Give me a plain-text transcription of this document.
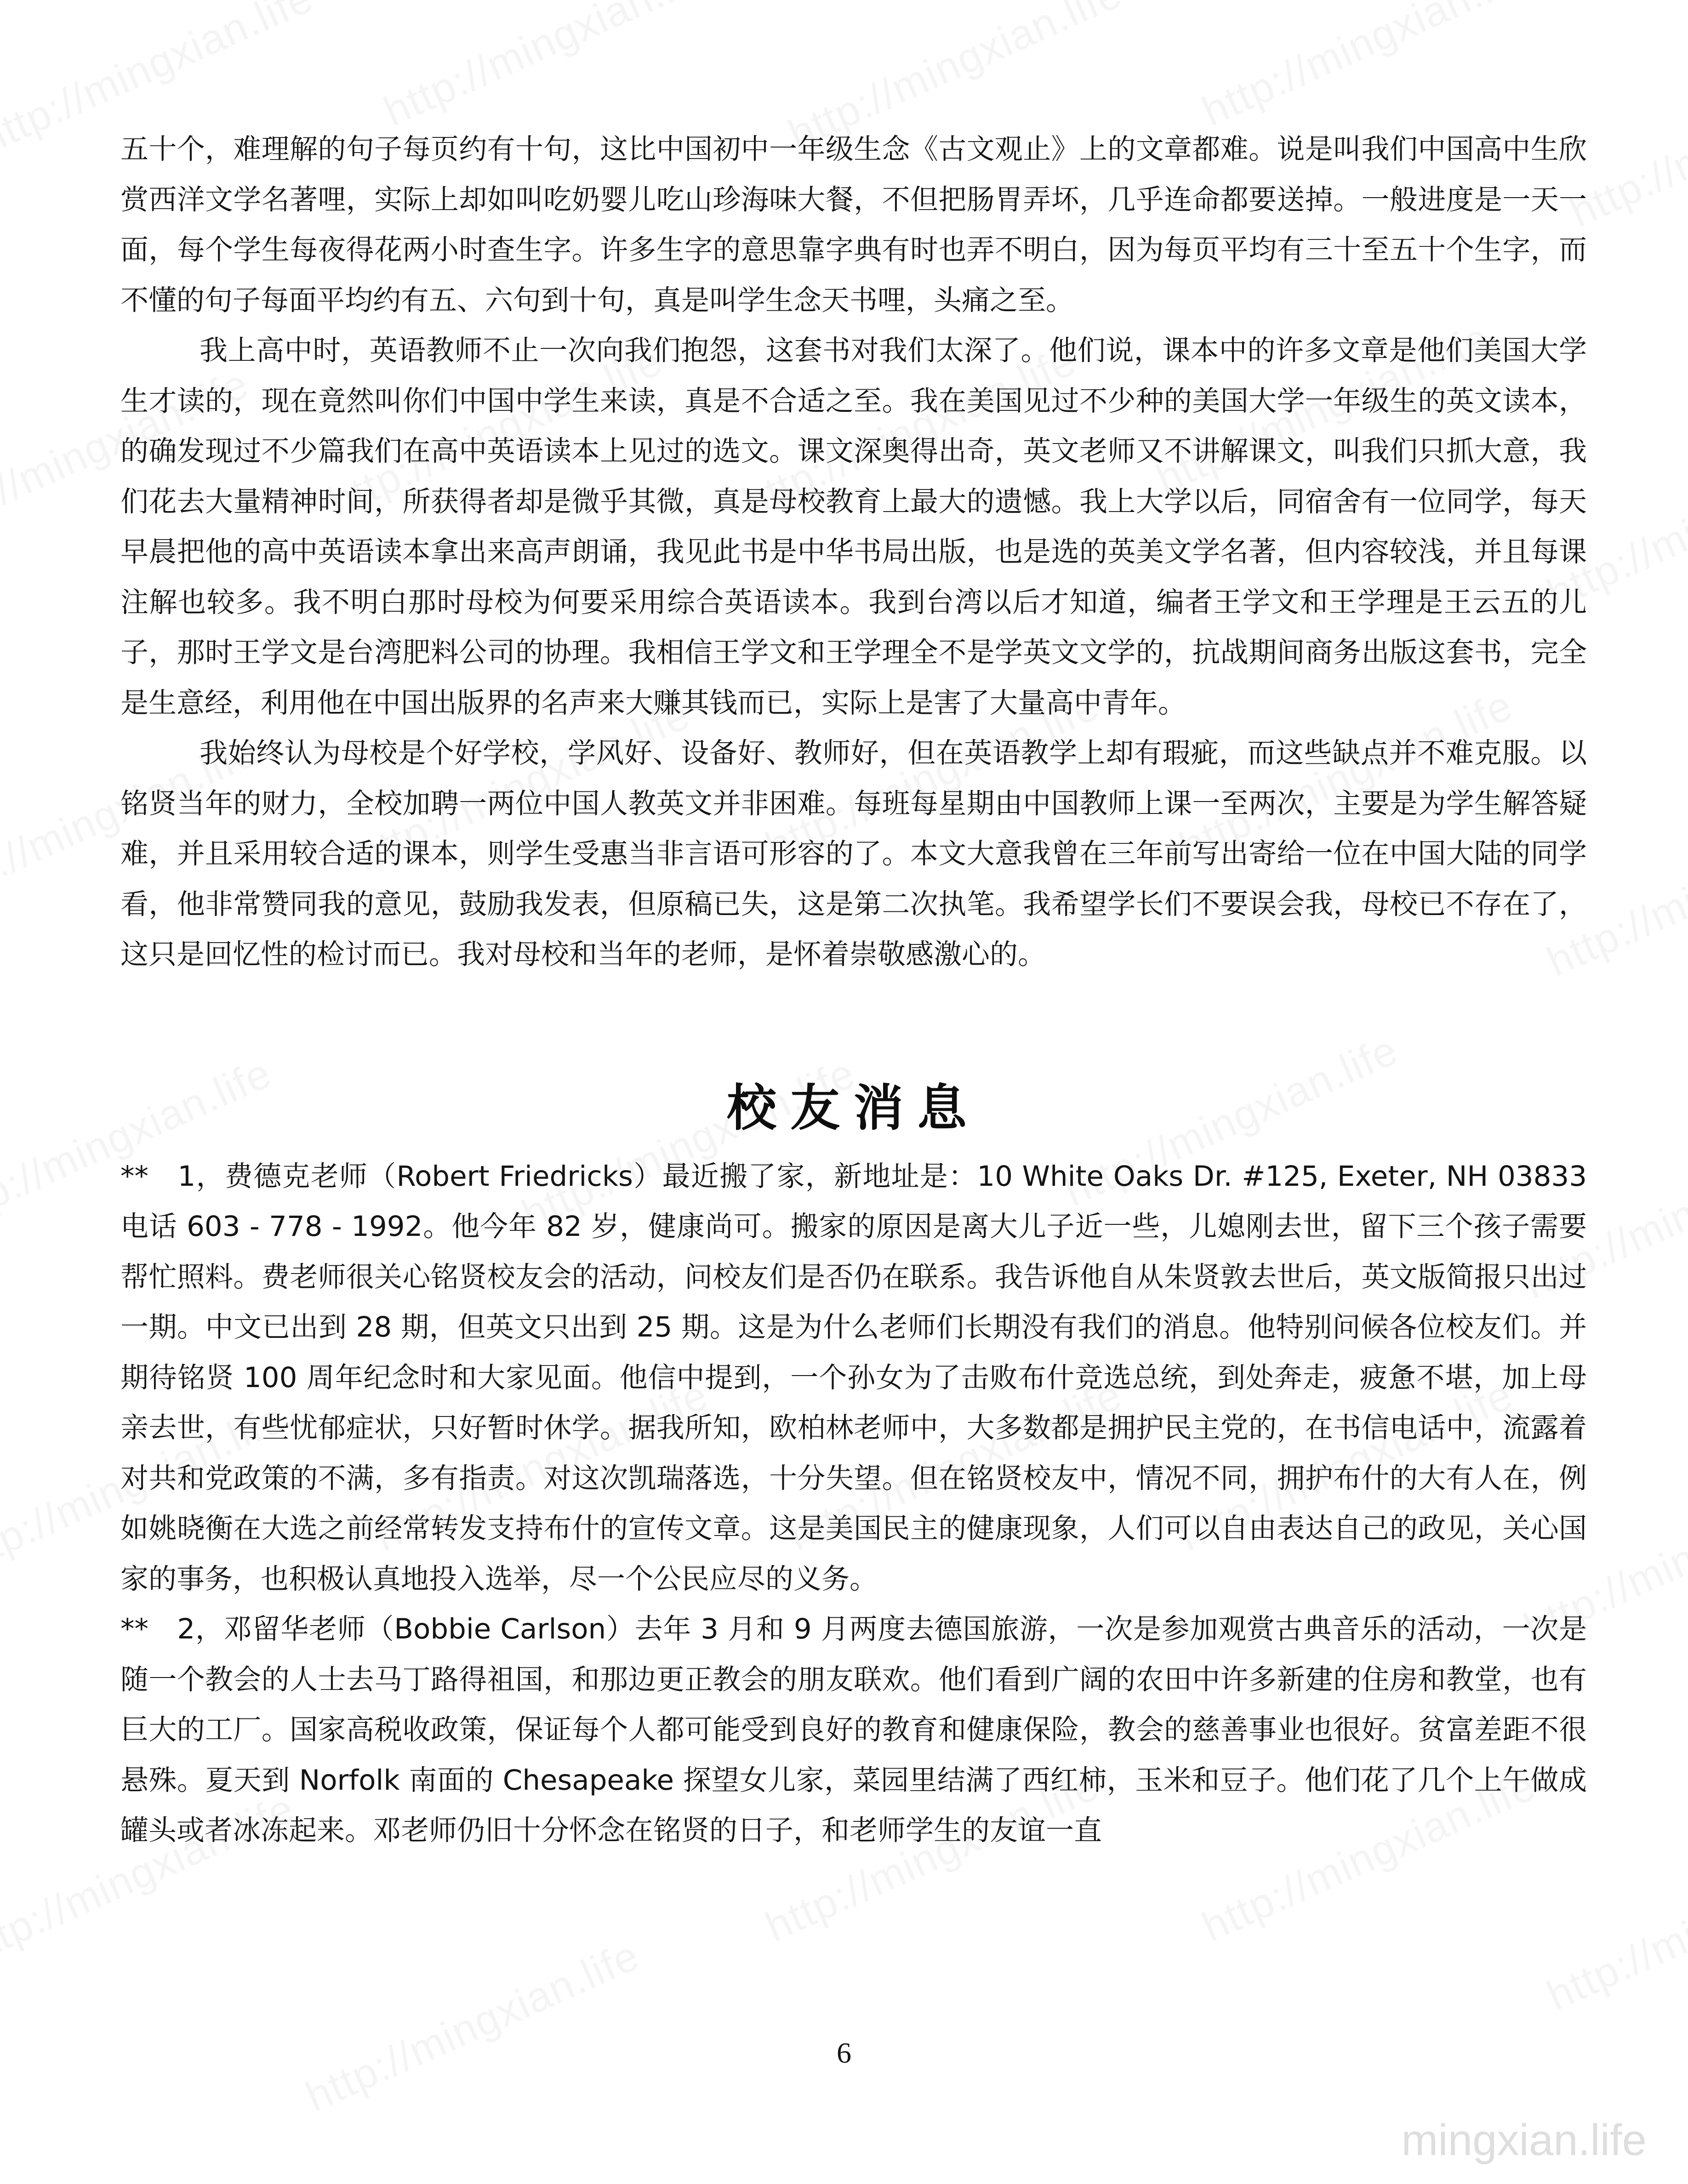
mingxian.life

五十个，难理解的句子每页约有十句，这比中国初中一年级生念《古文观止》上的文章都难。说是叫我们中国高中生欣赏西洋文学名著哩，实际上却如叫吃奶婴儿吃山珍海味大餐，不但把肠胃弄坏，几乎连命都要送掉。一般进度是一天一面，每个学生每夜得花两小时查生字。许多生字的意思靠字典有时也弄不明白，因为每页平均有三十至五十个生字，而不懂的句子每面平均约有五、六句到十句，真是叫学生念天书哩，头痛之至。

我上高中时，英语教师不止一次向我们抱怨，这套书对我们太深了。他们说，课本中的许多文章是他们美国大学生才读的，现在竟然叫你们中国中学生来读，真是不合适之至。我在美国见过不少种的美国大学一年级生的英文读本，的确发现过不少篇我们在高中英语读本上见过的选文。课文深奥得出奇，英文老师又不讲解课文，叫我们只抓大意，我们花去大量精神时间，所获得者却是微乎其微，真是母校教育上最大的遗憾。我上大学以后，同宿舍有一位同学，每天早晨把他的高中英语读本拿出来高声朗诵，我见此书是中华书局出版，也是选的英美文学名著，但内容较浅，并且每课注解也较多。我不明白那时母校为何要采用综合英语读本。我到台湾以后才知道，编者王学文和王学理是王云五的儿子，那时王学文是台湾肥料公司的协理。我相信王学文和王学理全不是学英文文学的，抗战期间商务出版这套书，完全是生意经，利用他在中国出版界的名声来大赚其钱而已，实际上是害了大量高中青年。

我始终认为母校是个好学校，学风好、设备好、教师好，但在英语教学上却有瑕疵，而这些缺点并不难克服。以铭贤当年的财力，全校加聘一两位中国人教英文并非困难。每班每星期由中国教师上课一至两次，主要是为学生解答疑难，并且采用较合适的课本，则学生受惠当非言语可形容的了。本文大意我曾在三年前写出寄给一位在中国大陆的同学看，他非常赞同我的意见，鼓励我发表，但原稿已失，这是第二次执笔。我希望学长们不要误会我，母校已不存在了，这只是回忆性的检讨而已。我对母校和当年的老师，是怀着崇敬感激心的。

校友消息

**　1，费德克老师（Robert Friedricks）最近搬了家，新地址是：10 White Oaks Dr. #125, Exeter, NH 03833 电话 603 - 778 - 1992。他今年 82 岁，健康尚可。搬家的原因是离大儿子近一些，儿媳刚去世，留下三个孩子需要帮忙照料。费老师很关心铭贤校友会的活动，问校友们是否仍在联系。我告诉他自从朱贤敦去世后，英文版简报只出过一期。中文已出到 28 期，但英文只出到 25 期。这是为什么老师们长期没有我们的消息。他特别问候各位校友们。并期待铭贤 100 周年纪念时和大家见面。他信中提到，一个孙女为了击败布什竞选总统，到处奔走，疲惫不堪，加上母亲去世，有些忧郁症状，只好暂时休学。据我所知，欧柏林老师中，大多数都是拥护民主党的，在书信电话中，流露着对共和党政策的不满，多有指责。对这次凯瑞落选，十分失望。但在铭贤校友中，情况不同，拥护布什的大有人在，例如姚晓衡在大选之前经常转发支持布什的宣传文章。这是美国民主的健康现象，人们可以自由表达自己的政见，关心国家的事务，也积极认真地投入选举，尽一个公民应尽的义务。

**　2，邓留华老师（Bobbie Carlson）去年 3 月和 9 月两度去德国旅游，一次是参加观赏古典音乐的活动，一次是随一个教会的人士去马丁路得祖国，和那边更正教会的朋友联欢。他们看到广阔的农田中许多新建的住房和教堂，也有巨大的工厂。国家高税收政策，保证每个人都可能受到良好的教育和健康保险，教会的慈善事业也很好。贫富差距不很悬殊。夏天到 Norfolk 南面的 Chesapeake 探望女儿家，菜园里结满了西红柿，玉米和豆子。他们花了几个上午做成罐头或者冰冻起来。邓老师仍旧十分怀念在铭贤的日子，和老师学生的友谊一直

6
